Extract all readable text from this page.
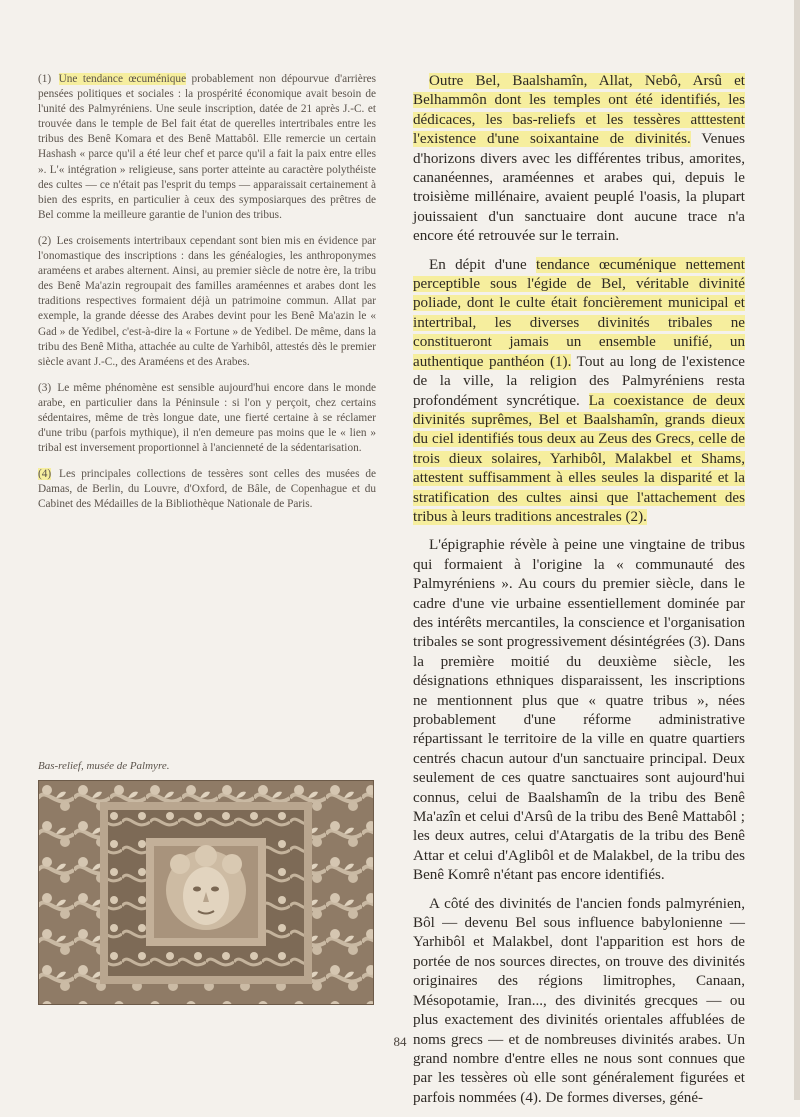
(1) Une tendance œcuménique probablement non dépourvue d'arrières pensées politiques et sociales : la prospérité économique avait besoin de l'unité des Palmyréniens. Une seule inscription, datée de 21 après J.-C. et trouvée dans le temple de Bel fait état de querelles intertribales entre les tribus des Benê Komara et des Benê Mattabôl. Elle remercie un certain Hashash « parce qu'il a été leur chef et parce qu'il a fait la paix entre elles ». L'« intégration » religieuse, sans porter atteinte au caractère polythéiste des cultes — ce n'était pas l'esprit du temps — apparaissait certainement à bien des esprits, en particulier à ceux des symposiarques des prêtres de Bel comme la meilleure garantie de l'union des tribus.

(2) Les croisements intertribaux cependant sont bien mis en évidence par l'onomastique des inscriptions : dans les généalogies, les anthroponymes araméens et arabes alternent. Ainsi, au premier siècle de notre ère, la tribu des Benê Ma'azin regroupait des familles araméennes et arabes dont les traditions respectives formaient déjà un patrimoine commun. Allat par exemple, la grande déesse des Arabes devint pour les Benê Ma'azin le « Gad » de Yedibel, c'est-à-dire la « Fortune » de Yedibel. De même, dans la tribu des Benê Mitha, attachée au culte de Yarhibôl, attestés dès le premier siècle avant J.-C., des Araméens et des Arabes.

(3) Le même phénomène est sensible aujourd'hui encore dans le monde arabe, en particulier dans la Péninsule : si l'on y perçoit, chez certains sédentaires, même de très longue date, une fierté certaine à se réclamer d'une tribu (parfois mythique), il n'en demeure pas moins que le « lien » tribal est inversement proportionnel à l'ancienneté de la sédentarisation.

(4) Les principales collections de tessères sont celles des musées de Damas, de Berlin, du Louvre, d'Oxford, de Bâle, de Copenhague et du Cabinet des Médailles de la Bibliothèque Nationale de Paris.

Bas-relief, musée de Palmyre.

Outre Bel, Baalshamîn, Allat, Nebô, Arsû et Belhammôn dont les temples ont été identifiés, les dédicaces, les bas-reliefs et les tessères atttestent l'existence d'une soixantaine de divinités. Venues d'horizons divers avec les différentes tribus, amorites, cananéennes, araméennes et arabes qui, depuis le troisième millénaire, avaient peuplé l'oasis, la plupart jouissaient d'un sanctuaire dont aucune trace n'a encore été retrouvée sur le terrain.

En dépit d'une tendance œcuménique nettement perceptible sous l'égide de Bel, véritable divinité poliade, dont le culte était foncièrement municipal et intertribal, les diverses divinités tribales ne constitueront jamais un ensemble unifié, un authentique panthéon (1). Tout au long de l'existence de la ville, la religion des Palmyréniens resta profondément syncrétique. La coexistance de deux divinités suprêmes, Bel et Baalshamîn, grands dieux du ciel identifiés tous deux au Zeus des Grecs, celle de trois dieux solaires, Yarhibôl, Malakbel et Shams, attestent suffisamment à elles seules la disparité et la stratification des cultes ainsi que l'attachement des tribus à leurs traditions ancestrales (2).

L'épigraphie révèle à peine une vingtaine de tribus qui formaient à l'origine la « communauté des Palmyréniens ». Au cours du premier siècle, dans le cadre d'une vie urbaine essentiellement dominée par des intérêts mercantiles, la conscience et l'organisation tribales se sont progressivement désintégrées (3). Dans la première moitié du deuxième siècle, les désignations ethniques disparaissent, les inscriptions ne mentionnent plus que « quatre tribus », nées probablement d'une réforme administrative répartissant le territoire de la ville en quatre quartiers centrés chacun autour d'un sanctuaire principal. Deux seulement de ces quatre sanctuaires sont aujourd'hui connus, celui de Baalshamîn de la tribu des Benê Ma'azîn et celui d'Arsû de la tribu des Benê Mattabôl ; les deux autres, celui d'Atargatis de la tribu des Benê Attar et celui d'Aglibôl et de Malakbel, de la tribu des Benê Komrê n'étant pas encore identifiés.

A côté des divinités de l'ancien fonds palmyrénien, Bôl — devenu Bel sous influence babylonienne — Yarhibôl et Malakbel, dont l'apparition est hors de portée de nos sources directes, on trouve des divinités originaires des régions limitrophes, Canaan, Mésopotamie, Iran..., des divinités grecques — ou plus exactement des divinités orientales affublées de noms grecs — et de nombreuses divinités arabes. Un grand nombre d'entre elles ne nous sont connues que par les tessères où elle sont généralement figurées et parfois nommées (4). De formes diverses, géné-

84
